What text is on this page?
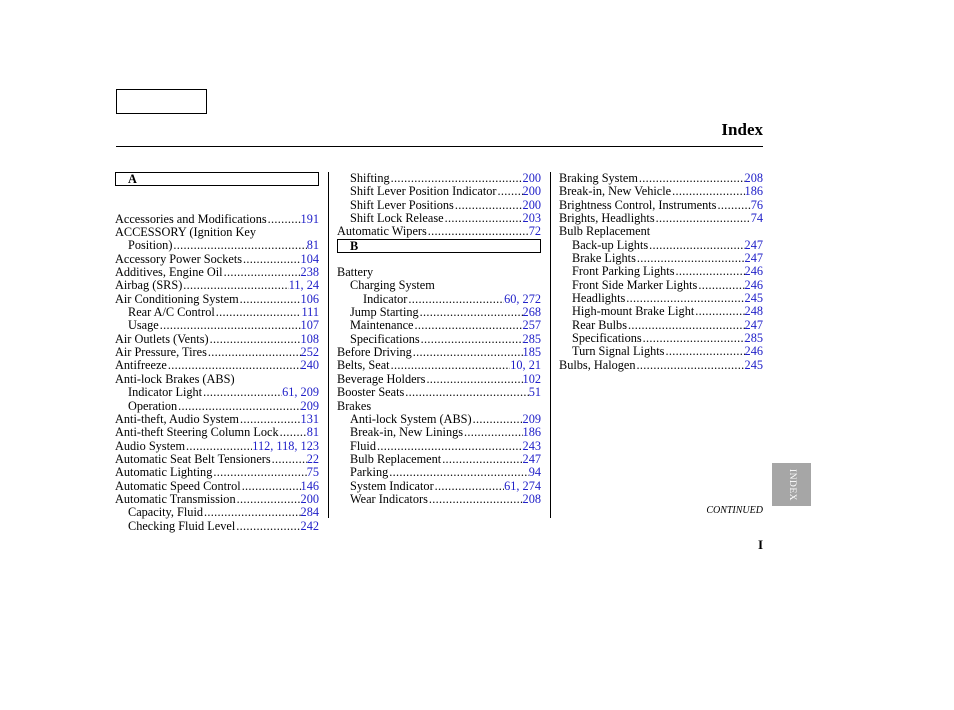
Index
A
Accessories and Modifications .....	191
ACCESSORY (Ignition Key
Position) .....	81
Accessory Power Sockets .....	104
Additives, Engine Oil .....	238
Airbag (SRS) .....	11, 24
Air Conditioning System .....	106
Rear A/C Control .....	111
Usage .....	107
Air Outlets (Vents) .....	108
Air Pressure, Tires .....	252
Antifreeze .....	240
Anti-lock Brakes (ABS)
Indicator Light .....	61, 209
Operation .....	209
Anti-theft, Audio System .....	131
Anti-theft Steering Column Lock ..... 81
Audio System .....	112, 118, 123
Automatic Seat Belt Tensioners .....	22
Automatic Lighting .....	75
Automatic Speed Control .....	146
Automatic Transmission .....	200
Capacity, Fluid .....	284
Checking Fluid Level .....	242
Shifting .....	200
Shift Lever Position Indicator ..... 200
Shift Lever Positions .....	200
Shift Lock Release .....	203
Automatic Wipers .....	72
B
Battery
Charging System
Indicator .....	60, 272
Jump Starting .....	268
Maintenance .....	257
Specifications .....	285
Before Driving .....	185
Belts, Seat .....	10, 21
Beverage Holders .....	102
Booster Seats .....	51
Brakes
Anti-lock System (ABS) .....	209
Break-in, New Linings .....	186
Fluid .....	243
Bulb Replacement .....	247
Parking .....	94
System Indicator .....	61, 274
Wear Indicators .....	208
Braking System .....	208
Break-in, New Vehicle .....	186
Brightness Control, Instruments .....	76
Brights, Headlights .....	74
Bulb Replacement
Back-up Lights .....	247
Brake Lights .....	247
Front Parking Lights .....	246
Front Side Marker Lights .....	246
Headlights .....	245
High-mount Brake Light .....	248
Rear Bulbs .....	247
Specifications .....	285
Turn Signal Lights .....	246
Bulbs, Halogen .....	245
INDEX
CONTINUED
I
